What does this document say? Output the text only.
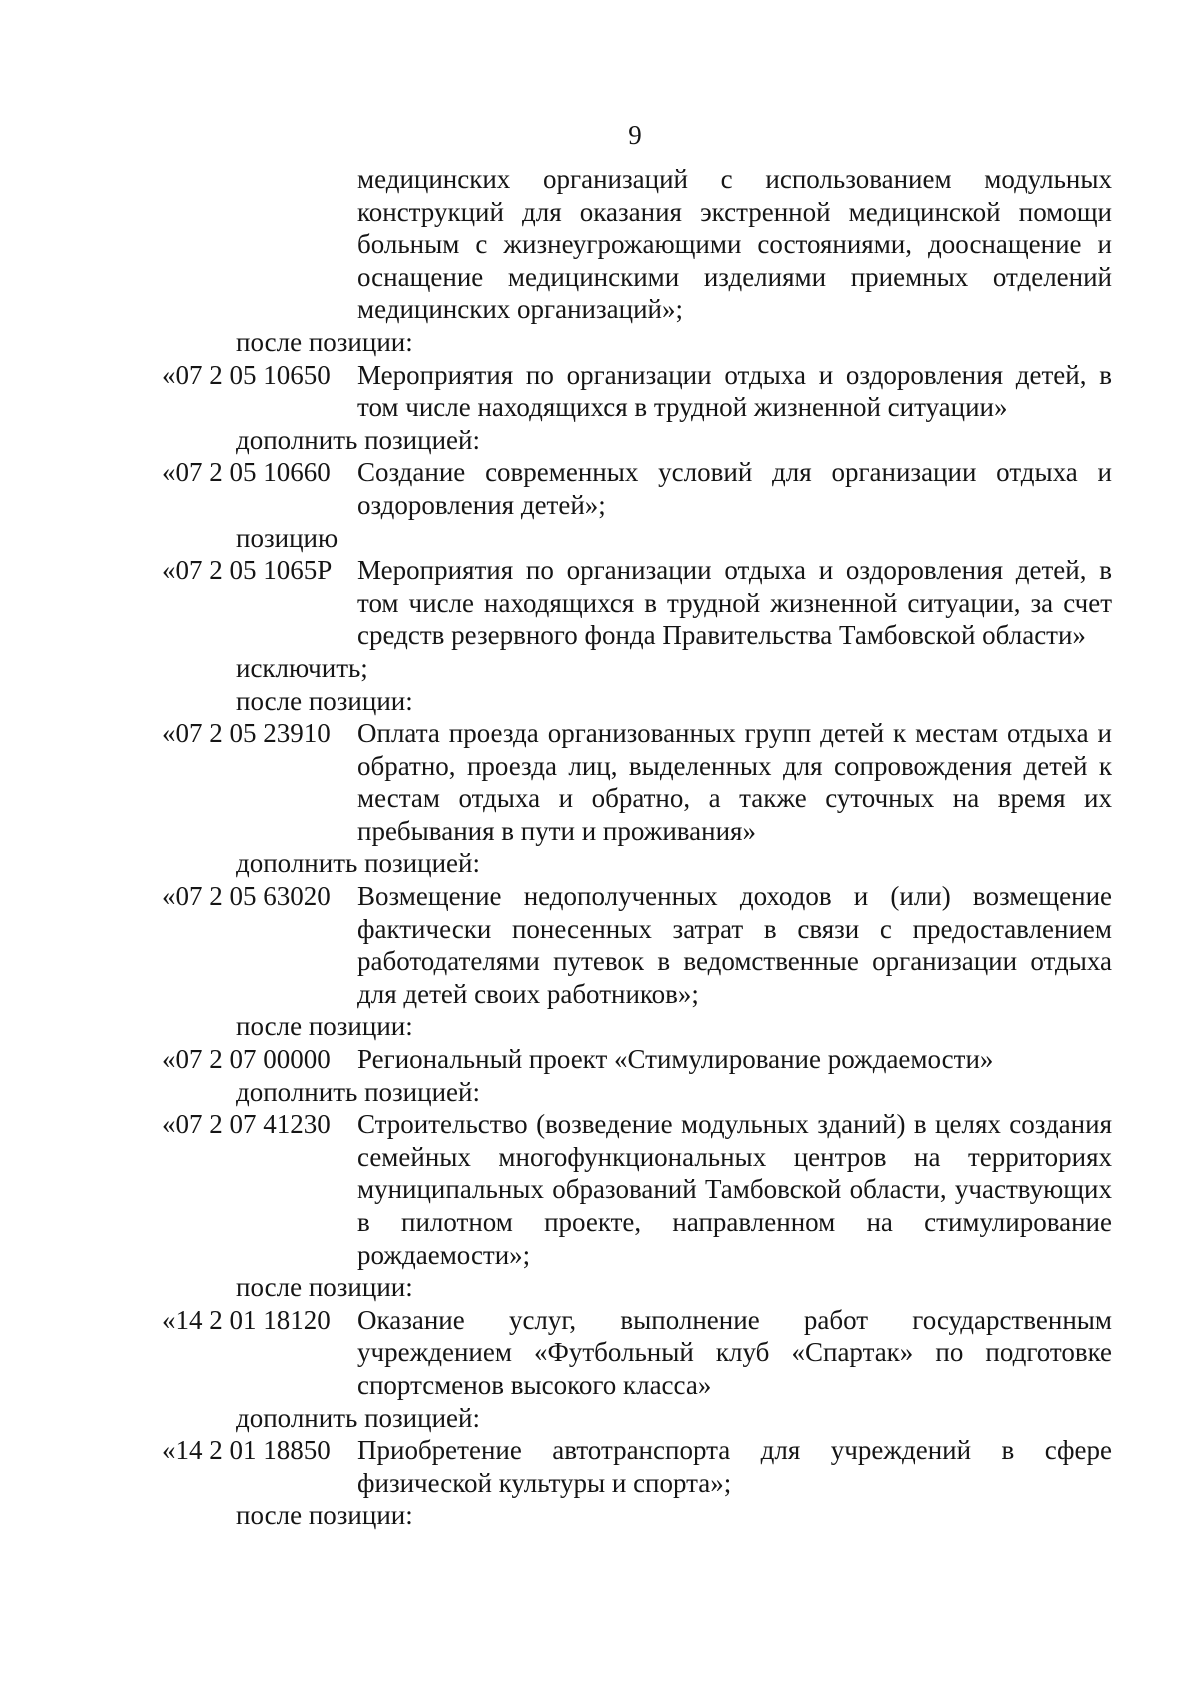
9
медицинских организаций с использованием модульных конструкций для оказания экстренной медицинской помощи больным с жизнеугрожающими состояниями, дооснащение и оснащение медицинскими изделиями приемных отделений медицинских организаций»;
после позиции:
«07 2 05 10650 Мероприятия по организации отдыха и оздоровления детей, в том числе находящихся в трудной жизненной ситуации»
дополнить позицией:
«07 2 05 10660 Создание современных условий для организации отдыха и оздоровления детей»;
позицию
«07 2 05 1065Р Мероприятия по организации отдыха и оздоровления детей, в том числе находящихся в трудной жизненной ситуации, за счет средств резервного фонда Правительства Тамбовской области»
исключить;
после позиции:
«07 2 05 23910 Оплата проезда организованных групп детей к местам отдыха и обратно, проезда лиц, выделенных для сопровождения детей к местам отдыха и обратно, а также суточных на время их пребывания в пути и проживания»
дополнить позицией:
«07 2 05 63020 Возмещение недополученных доходов и (или) возмещение фактически понесенных затрат в связи с предоставлением работодателями путевок в ведомственные организации отдыха для детей своих работников»;
после позиции:
«07 2 07 00000 Региональный проект «Стимулирование рождаемости»
дополнить позицией:
«07 2 07 41230 Строительство (возведение модульных зданий) в целях создания семейных многофункциональных центров на территориях муниципальных образований Тамбовской области, участвующих в пилотном проекте, направленном на стимулирование рождаемости»;
после позиции:
«14 2 01 18120 Оказание услуг, выполнение работ государственным учреждением «Футбольный клуб «Спартак» по подготовке спортсменов высокого класса»
дополнить позицией:
«14 2 01 18850 Приобретение автотранспорта для учреждений в сфере физической культуры и спорта»;
после позиции:
